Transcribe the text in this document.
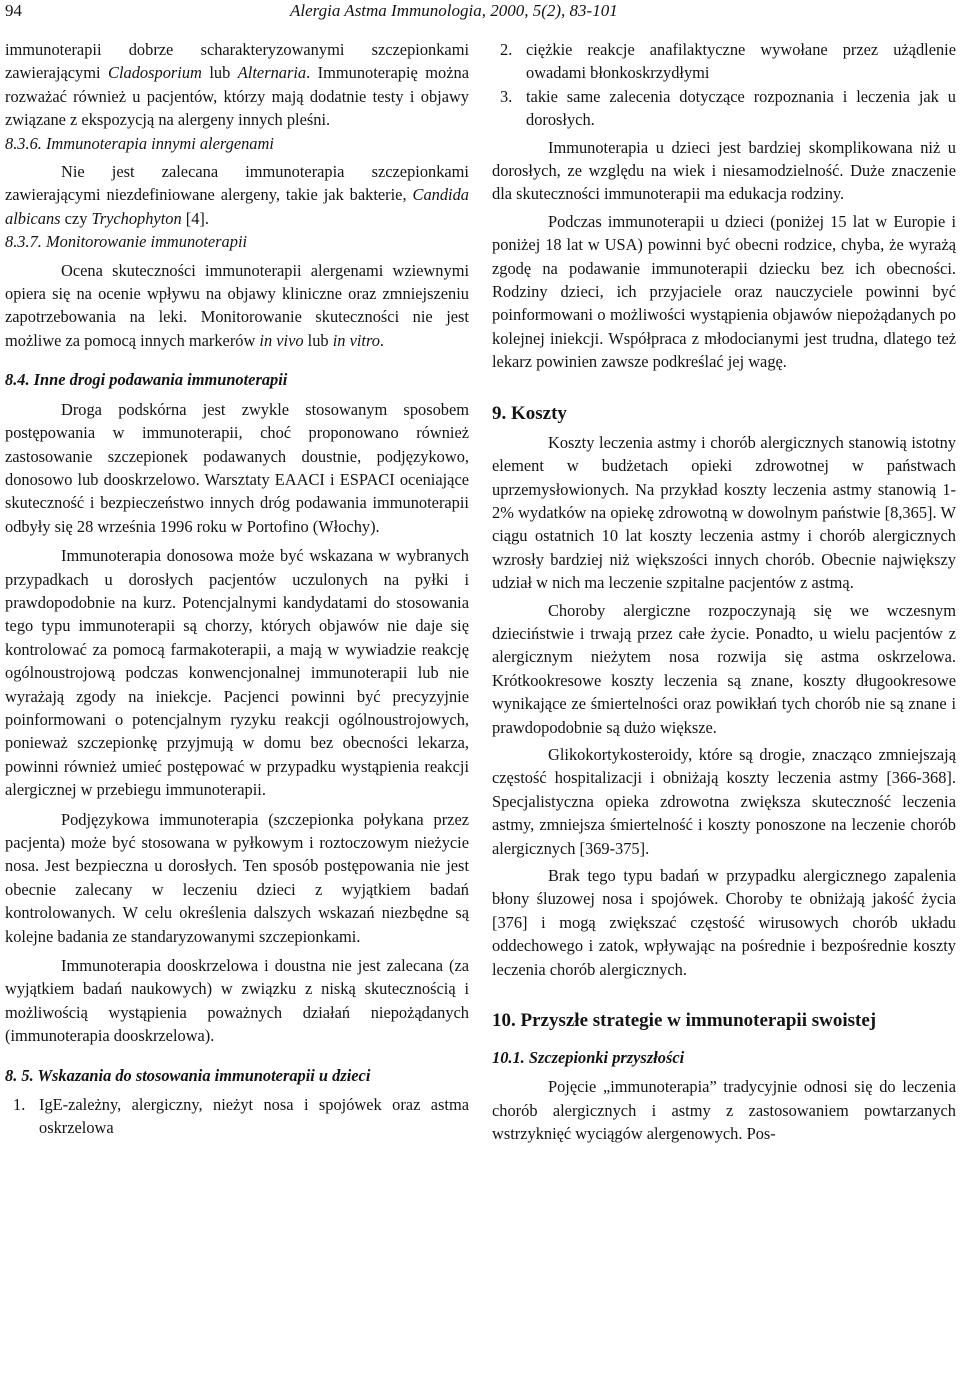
94	Alergia Astma Immunologia, 2000, 5(2), 83-101

immunoterapii dobrze scharakteryzowanymi szczepionkami zawierającymi Cladosporium lub Alternaria. Immunoterapię można rozważać również u pacjentów, którzy mają dodatnie testy i objawy związane z ekspozycją na alergeny innych pleśni.

8.3.6. Immunoterapia innymi alergenami

Nie jest zalecana immunoterapia szczepionkami zawierającymi niezdefiniowane alergeny, takie jak bakterie, Candida albicans czy Trychophyton [4].

8.3.7. Monitorowanie immunoterapii

Ocena skuteczności immunoterapii alergenami wziewnymi opiera się na ocenie wpływu na objawy kliniczne oraz zmniejszeniu zapotrzebowania na leki. Monitorowanie skuteczności nie jest możliwe za pomocą innych markerów in vivo lub in vitro.

8.4. Inne drogi podawania immunoterapii

Droga podskórna jest zwykle stosowanym sposobem postępowania w immunoterapii, choć proponowano również zastosowanie szczepionek podawanych doustnie, podjęzykowo, donosowo lub dooskrzelowo. Warsztaty EAACI i ESPACI oceniające skuteczność i bezpieczeństwo innych dróg podawania immunoterapii odbyły się 28 września 1996 roku w Portofino (Włochy).

Immunoterapia donosowa może być wskazana w wybranych przypadkach u dorosłych pacjentów uczulonych na pyłki i prawdopodobnie na kurz. Potencjalnymi kandydatami do stosowania tego typu immunoterapii są chorzy, których objawów nie daje się kontrolować za pomocą farmakoterapii, a mają w wywiadzie reakcję ogólnoustrojową podczas konwencjonalnej immunoterapii lub nie wyrażają zgody na iniekcje. Pacjenci powinni być precyzyjnie poinformowani o potencjalnym ryzyku reakcji ogólnoustrojowych, ponieważ szczepionkę przyjmują w domu bez obecności lekarza, powinni również umieć postępować w przypadku wystąpienia reakcji alergicznej w przebiegu immunoterapii.

Podjęzykowa immunoterapia (szczepionka połykana przez pacjenta) może być stosowana w pyłkowym i roztoczowym nieżycie nosa. Jest bezpieczna u dorosłych. Ten sposób postępowania nie jest obecnie zalecany w leczeniu dzieci z wyjątkiem badań kontrolowanych. W celu określenia dalszych wskazań niezbędne są kolejne badania ze standaryzowanymi szczepionkami.

Immunoterapia dooskrzelowa i doustna nie jest zalecana (za wyjątkiem badań naukowych) w związku z niską skutecznością i możliwością wystąpienia poważnych działań niepożądanych (immunoterapia dooskrzelowa).

8. 5. Wskazania do stosowania immunoterapii u dzieci

1. IgE-zależny, alergiczny, nieżyt nosa i spojówek oraz astma oskrzelowa
2. ciężkie reakcje anafilaktyczne wywołane przez użądlenie owadami błonkoskrzydłymi
3. takie same zalecenia dotyczące rozpoznania i leczenia jak u dorosłych.

Immunoterapia u dzieci jest bardziej skomplikowana niż u dorosłych, ze względu na wiek i niesamodzielność. Duże znaczenie dla skuteczności immunoterapii ma edukacja rodziny.

Podczas immunoterapii u dzieci (poniżej 15 lat w Europie i poniżej 18 lat w USA) powinni być obecni rodzice, chyba, że wyrażą zgodę na podawanie immunoterapii dziecku bez ich obecności. Rodziny dzieci, ich przyjaciele oraz nauczyciele powinni być poinformowani o możliwości wystąpienia objawów niepożądanych po kolejnej iniekcji. Współpraca z młodocianymi jest trudna, dlatego też lekarz powinien zawsze podkreślać jej wagę.

9. Koszty

Koszty leczenia astmy i chorób alergicznych stanowią istotny element w budżetach opieki zdrowotnej w państwach uprzemysłowionych. Na przykład koszty leczenia astmy stanowią 1-2% wydatków na opiekę zdrowotną w dowolnym państwie [8,365]. W ciągu ostatnich 10 lat koszty leczenia astmy i chorób alergicznych wzrosły bardziej niż większości innych chorób. Obecnie największy udział w nich ma leczenie szpitalne pacjentów z astmą.

Choroby alergiczne rozpoczynają się we wczesnym dzieciństwie i trwają przez całe życie. Ponadto, u wielu pacjentów z alergicznym nieżytem nosa rozwija się astma oskrzelowa. Krótkookresowe koszty leczenia są znane, koszty długookresowe wynikające ze śmiertelności oraz powikłań tych chorób nie są znane i prawdopodobnie są dużo większe.

Glikokortykosteroidy, które są drogie, znacząco zmniejszają częstość hospitalizacji i obniżają koszty leczenia astmy [366-368]. Specjalistyczna opieka zdrowotna zwiększa skuteczność leczenia astmy, zmniejsza śmiertelność i koszty ponoszone na leczenie chorób alergicznych [369-375].

Brak tego typu badań w przypadku alergicznego zapalenia błony śluzowej nosa i spojówek. Choroby te obniżają jakość życia [376] i mogą zwiększać częstość wirusowych chorób układu oddechowego i zatok, wpływając na pośrednie i bezpośrednie koszty leczenia chorób alergicznych.

10. Przyszłe strategie w immunoterapii swoistej

10.1. Szczepionki przyszłości

Pojęcie „immunoterapia” tradycyjnie odnosi się do leczenia chorób alergicznych i astmy z zastosowaniem powtarzanych wstrzyknięć wyciągów alergenowych. Pos-
